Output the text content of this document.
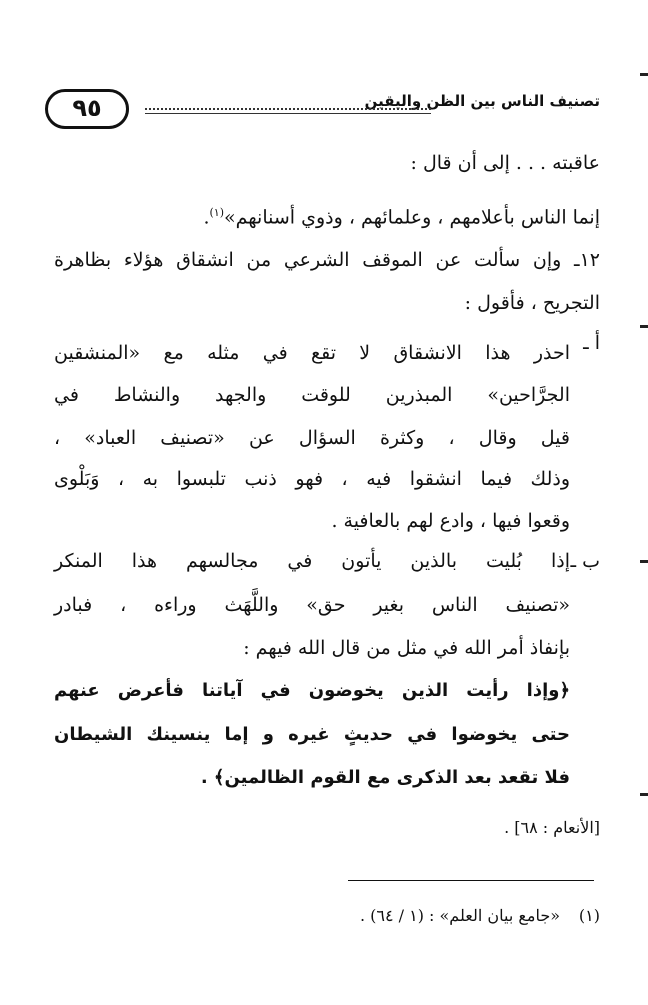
تصنيف الناس بين الظن واليقين
٩٥
عاقبته . . . إلى أن قال :
إنما الناس بأعلامهم ، وعلمائهم ، وذوي أسنانهم»$^{(١)}$.
١٢ـ وإن سألت عن الموقف الشرعي من انشقاق هؤلاء بظاهرة
التجريح ، فأقول :
أ ـ
احذر هذا الانشقاق لا تقع في مثله مع «المنشقين
الجرَّاحين» المبذرين للوقت والجهد والنشاط في
قيل وقال ، وكثرة السؤال عن «تصنيف العباد» ،
وذلك فيما انشقوا فيه ، فهو ذنب تلبسوا به ، وَبَلْوى
وقعوا فيها ، وادع لهم بالعافية .
ب ـ
إذا بُليت بالذين يأتون في مجالسهم هذا المنكر
«تصنيف الناس بغير حق» واللَّهَث وراءه ، فبادر
بإنفاذ أمر الله في مثل من قال الله فيهم :
﴿وإذا رأيت الذين يخوضون في آياتنا فأعرض عنهم
حتى يخوضوا في حديثٍ غيره و إما ينسينك الشيطان
فلا تقعد بعد الذكرى مع القوم الظالمين﴾ .
[الأنعام : ٦٨] .
(١)
«جامع بيان العلم» : (١ / ٦٤) .
